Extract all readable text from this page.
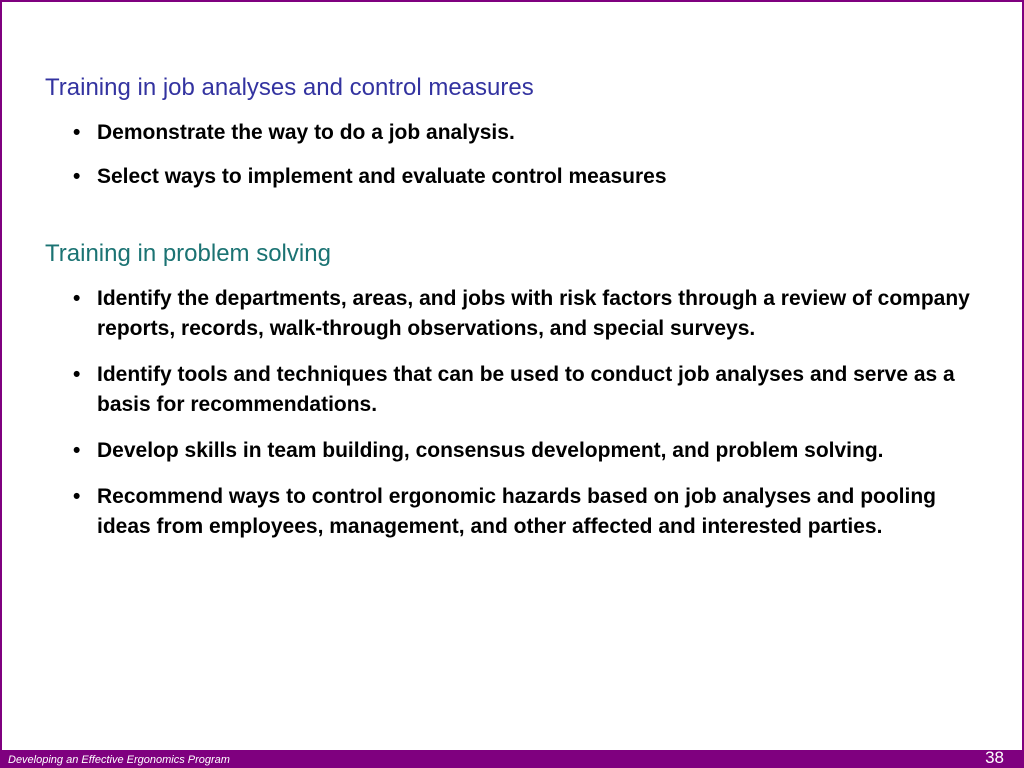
Training in job analyses and control measures
• Demonstrate the way to do a job analysis.
• Select ways to implement and evaluate control measures
Training in problem solving
• Identify the departments, areas, and jobs with risk factors through a review of company reports, records, walk-through observations, and special surveys.
• Identify tools and techniques that can be used to conduct job analyses and serve as a basis for recommendations.
• Develop skills in team building, consensus development, and problem solving.
• Recommend ways to control ergonomic hazards based on job analyses and pooling ideas from employees, management, and other affected and interested parties.
Developing an Effective Ergonomics Program	38
